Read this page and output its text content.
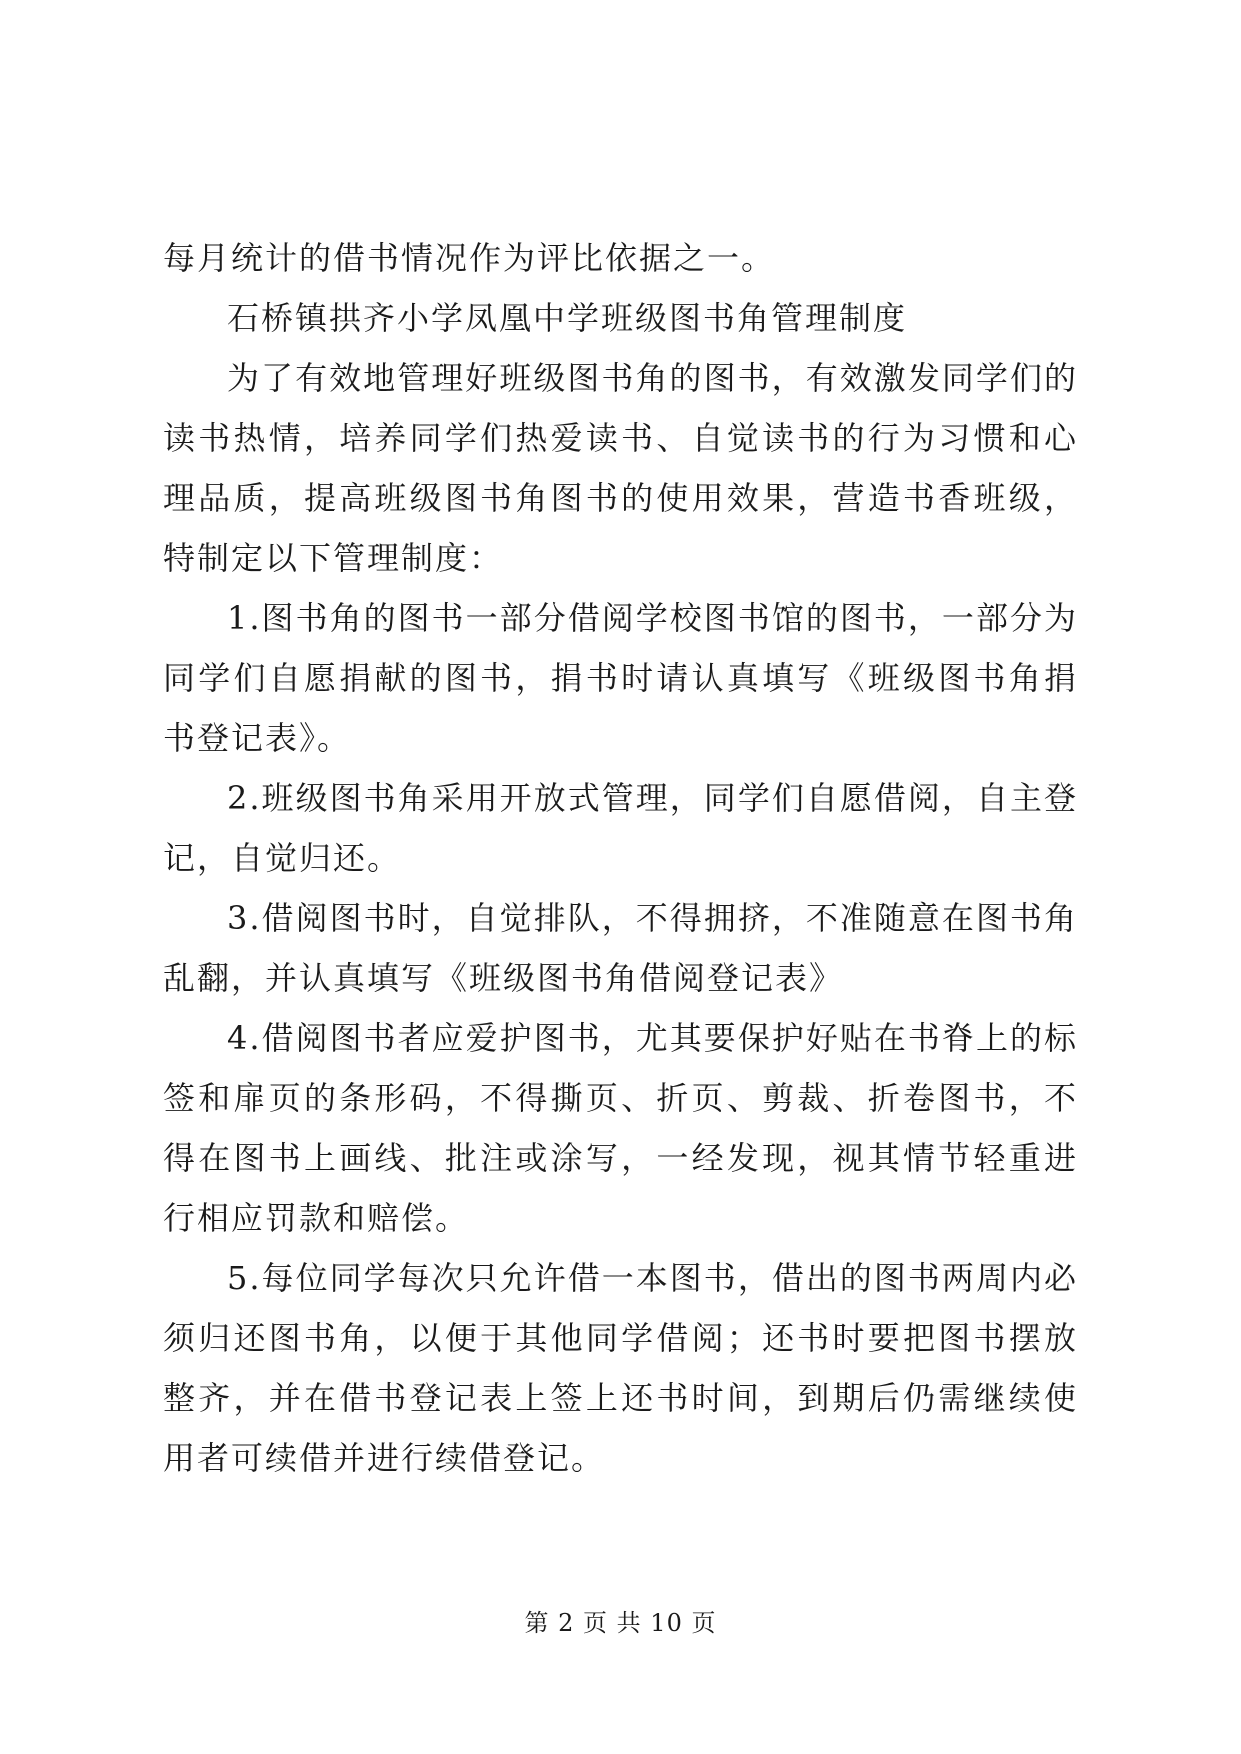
每月统计的借书情况作为评比依据之一。

石桥镇拱齐小学凤凰中学班级图书角管理制度

为了有效地管理好班级图书角的图书，有效激发同学们的读书热情，培养同学们热爱读书、自觉读书的行为习惯和心理品质，提高班级图书角图书的使用效果，营造书香班级，特制定以下管理制度：

1.图书角的图书一部分借阅学校图书馆的图书，一部分为同学们自愿捐献的图书，捐书时请认真填写《班级图书角捐书登记表》。

2.班级图书角采用开放式管理，同学们自愿借阅，自主登记，自觉归还。

3.借阅图书时，自觉排队，不得拥挤，不准随意在图书角乱翻，并认真填写《班级图书角借阅登记表》

4.借阅图书者应爱护图书，尤其要保护好贴在书脊上的标签和扉页的条形码，不得撕页、折页、剪裁、折卷图书，不得在图书上画线、批注或涂写，一经发现，视其情节轻重进行相应罚款和赔偿。

5.每位同学每次只允许借一本图书，借出的图书两周内必须归还图书角，以便于其他同学借阅；还书时要把图书摆放整齐，并在借书登记表上签上还书时间，到期后仍需继续使用者可续借并进行续借登记。

第 2 页 共 10 页
